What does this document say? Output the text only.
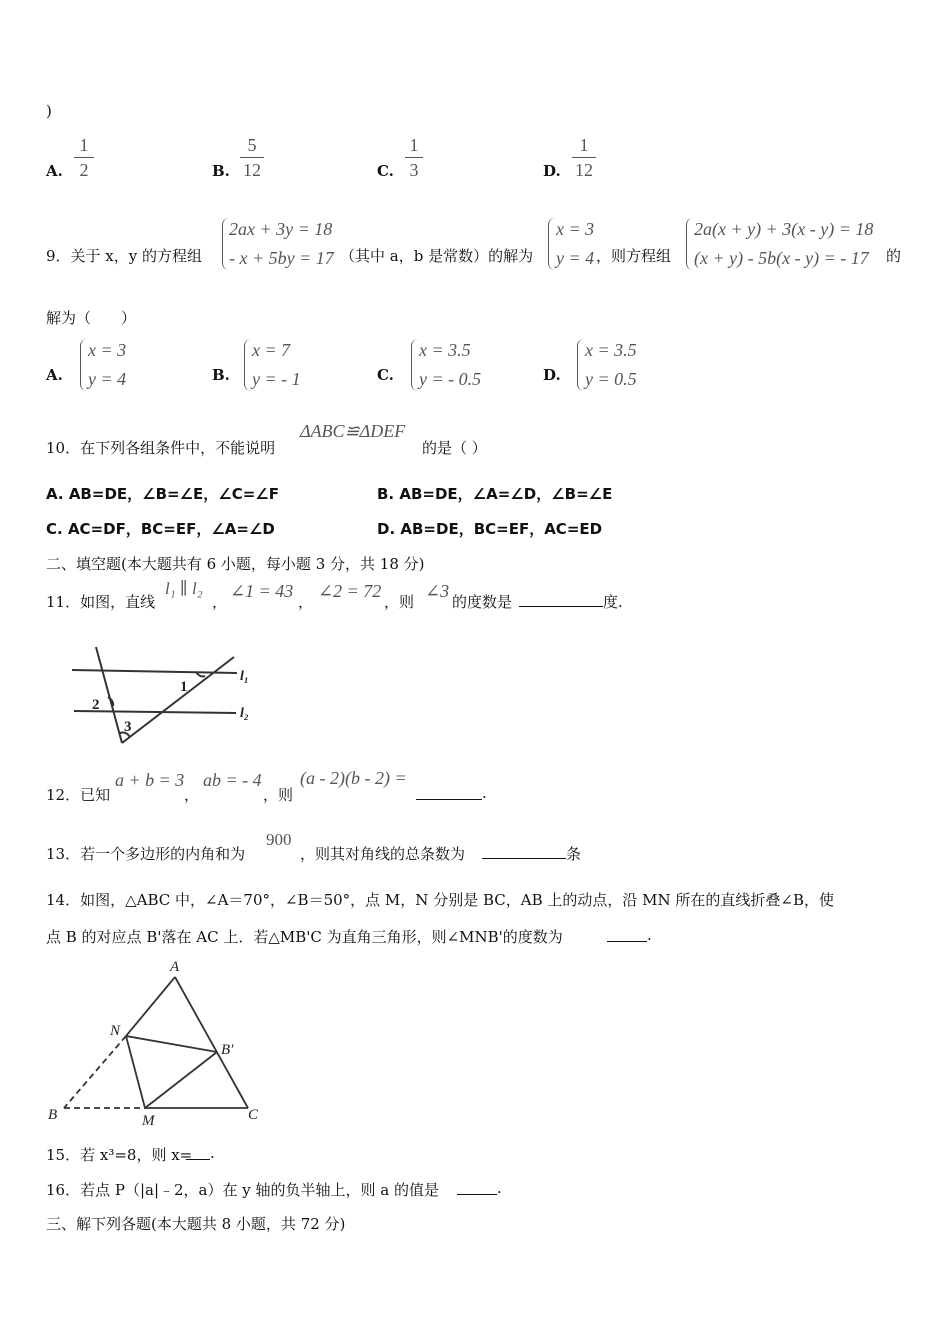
)
A.
1
2	B.
5
12	C.
1
3	D.
1
12
9．关于 x，y 的方程组
2ax + 3y = 18
- x + 5by = 17 （其中 a，b 是常数）的解为
x = 3
y = 4 ，则方程组
2a(x + y) + 3(x - y) = 18
(x + y) - 5b(x - y) = - 17	的
解为（　　）
A.
x = 3
y = 4	B.
x = 7
y = - 1	C.
x = 3.5
y = - 0.5	D.
x = 3.5
y = 0.5
10．在下列各组条件中，不能说明
ΔABC≌ΔDEF
的是（ ）
A. AB=DE，∠B=∠E，∠C=∠F	B. AB=DE，∠A=∠D，∠B=∠E
C. AC=DF，BC=EF，∠A=∠D	D. AB=DE，BC=EF，AC=ED
二、填空题(本大题共有 6 小题，每小题 3 分，共 18 分)
11．如图，直线
l₁ ∥ l₂
，
∠1 = 43
，
∠2 = 72
，则
∠3
的度数是	度.
1
2
3
l₁
l₂
12．已知
a + b = 3
，
ab = - 4
，则
(a - 2)(b - 2) =
.
13．若一个多边形的内角和为
900
，则其对角线的总条数为	条
14．如图，△ABC 中，∠A＝70°，∠B＝50°，点 M，N 分别是 BC，AB 上的动点，沿 MN 所在的直线折叠∠B，使
点 B 的对应点 B'落在 AC 上．若△MB'C 为直角三角形，则∠MNB'的度数为	.
A
B	C
M
N
B′
15．若 x³=8，则 x= .
16．若点 P（|a|﹣2，a）在 y 轴的负半轴上，则 a 的值是	.
三、解下列各题(本大题共 8 小题，共 72 分)
